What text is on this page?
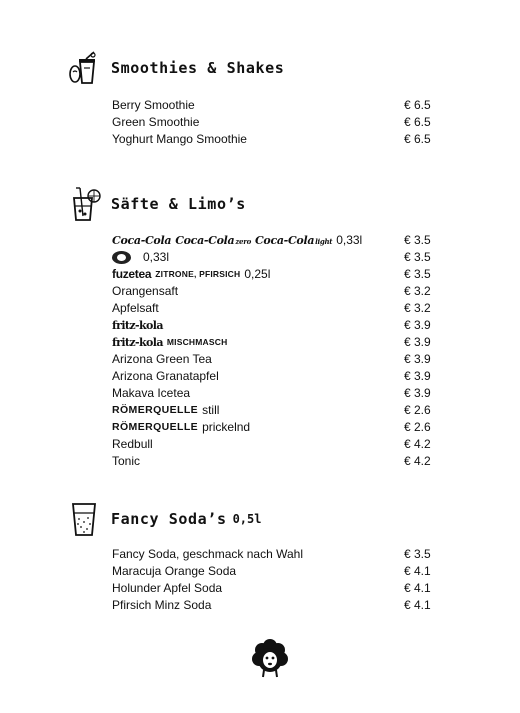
Smoothies & Shakes
Berry Smoothie	€ 6.5
Green Smoothie	€ 6.5
Yoghurt Mango Smoothie	€ 6.5
Säfte & Limo’s
Coca-Cola Coca-Colazero Coca-Colalight 0,33l	€ 3.5
0,33l	€ 3.5
fuzetea ZITRONE, PFIRSICH 0,25l	€ 3.5
Orangensaft	€ 3.2
Apfelsaft	€ 3.2
fritz-kola	€ 3.9
fritz-kola MISCHMASCH	€ 3.9
Arizona Green Tea	€ 3.9
Arizona Granatapfel	€ 3.9
Makava Icetea	€ 3.9
RÖMERQUELLE still	€ 2.6
RÖMERQUELLE prickelnd	€ 2.6
Redbull	€ 4.2
Tonic	€ 4.2
Fancy Soda’s 0,5l
Fancy Soda, geschmack nach Wahl	€ 3.5
Maracuja Orange Soda	€ 4.1
Holunder Apfel Soda	€ 4.1
Pfirsich Minz Soda	€ 4.1
